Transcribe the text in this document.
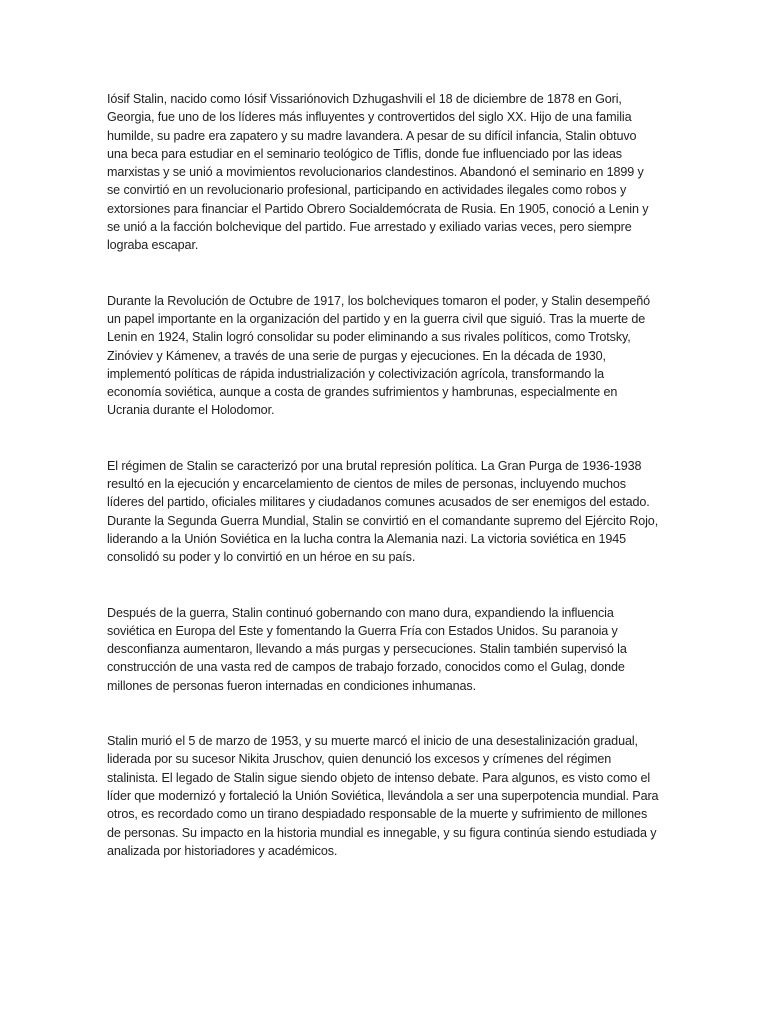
Iósif Stalin, nacido como Iósif Vissariónovich Dzhugashvili el 18 de diciembre de 1878 en Gori, Georgia, fue uno de los líderes más influyentes y controvertidos del siglo XX. Hijo de una familia humilde, su padre era zapatero y su madre lavandera. A pesar de su difícil infancia, Stalin obtuvo una beca para estudiar en el seminario teológico de Tiflis, donde fue influenciado por las ideas marxistas y se unió a movimientos revolucionarios clandestinos. Abandonó el seminario en 1899 y se convirtió en un revolucionario profesional, participando en actividades ilegales como robos y extorsiones para financiar el Partido Obrero Socialdemócrata de Rusia. En 1905, conoció a Lenin y se unió a la facción bolchevique del partido. Fue arrestado y exiliado varias veces, pero siempre lograba escapar.

Durante la Revolución de Octubre de 1917, los bolcheviques tomaron el poder, y Stalin desempeñó un papel importante en la organización del partido y en la guerra civil que siguió. Tras la muerte de Lenin en 1924, Stalin logró consolidar su poder eliminando a sus rivales políticos, como Trotsky, Zinóviev y Kámenev, a través de una serie de purgas y ejecuciones. En la década de 1930, implementó políticas de rápida industrialización y colectivización agrícola, transformando la economía soviética, aunque a costa de grandes sufrimientos y hambrunas, especialmente en Ucrania durante el Holodomor.

El régimen de Stalin se caracterizó por una brutal represión política. La Gran Purga de 1936-1938 resultó en la ejecución y encarcelamiento de cientos de miles de personas, incluyendo muchos líderes del partido, oficiales militares y ciudadanos comunes acusados de ser enemigos del estado. Durante la Segunda Guerra Mundial, Stalin se convirtió en el comandante supremo del Ejército Rojo, liderando a la Unión Soviética en la lucha contra la Alemania nazi. La victoria soviética en 1945 consolidó su poder y lo convirtió en un héroe en su país.

Después de la guerra, Stalin continuó gobernando con mano dura, expandiendo la influencia soviética en Europa del Este y fomentando la Guerra Fría con Estados Unidos. Su paranoia y desconfianza aumentaron, llevando a más purgas y persecuciones. Stalin también supervisó la construcción de una vasta red de campos de trabajo forzado, conocidos como el Gulag, donde millones de personas fueron internadas en condiciones inhumanas.

Stalin murió el 5 de marzo de 1953, y su muerte marcó el inicio de una desestalinización gradual, liderada por su sucesor Nikita Jruschov, quien denunció los excesos y crímenes del régimen stalinista. El legado de Stalin sigue siendo objeto de intenso debate. Para algunos, es visto como el líder que modernizó y fortaleció la Unión Soviética, llevándola a ser una superpotencia mundial. Para otros, es recordado como un tirano despiadado responsable de la muerte y sufrimiento de millones de personas. Su impacto en la historia mundial es innegable, y su figura continúa siendo estudiada y analizada por historiadores y académicos.
